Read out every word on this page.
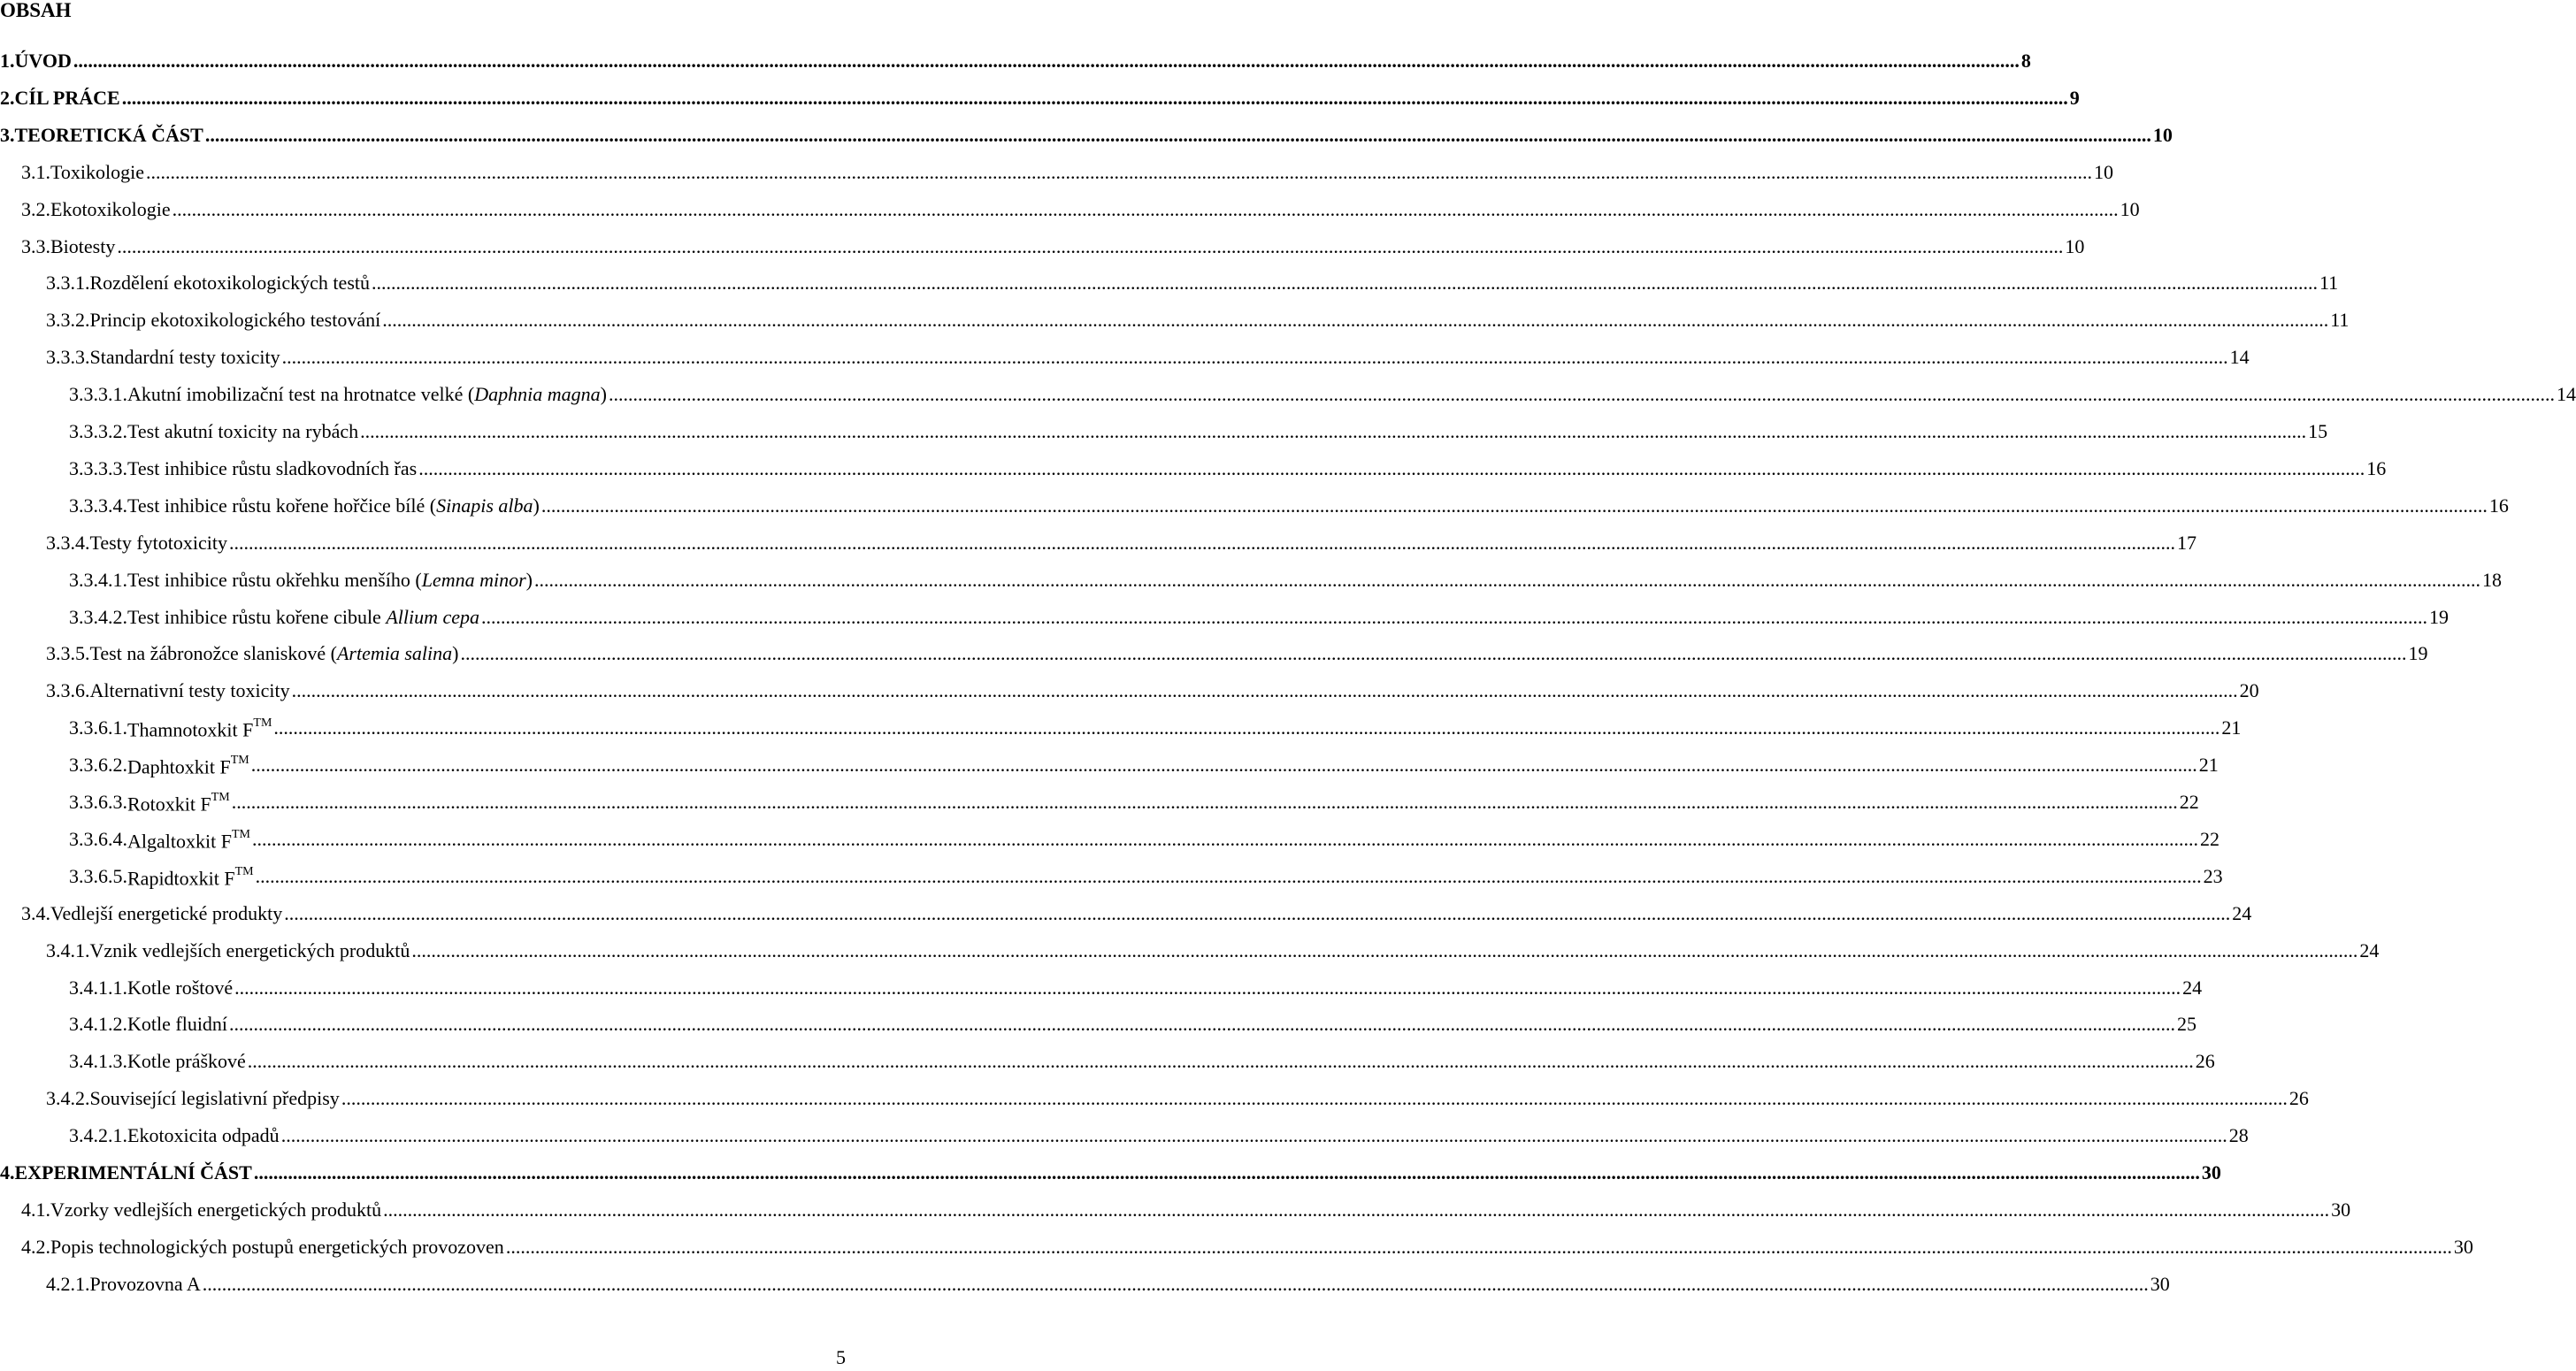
OBSAH
1. ÚVOD ................................................................................................................................................................................................................................................................................................................................................................................................................ 8
2. CÍL PRÁCE ................................................................................................................................................................................................................................................................................................................................................................................................................ 9
3. TEORETICKÁ ČÁST ................................................................................................................................................................................................................................................................................................................................................................................................................ 10
3.1. Toxikologie ................................................................................................................................................................................................................................................................................................................................................................................................................ 10
3.2. Ekotoxikologie ................................................................................................................................................................................................................................................................................................................................................................................................................ 10
3.3. Biotesty ................................................................................................................................................................................................................................................................................................................................................................................................................ 10
3.3.1. Rozdělení ekotoxikologických testů ................................................................................................................................................................................................................................................................................................................................................................................................................ 11
3.3.2. Princip ekotoxikologického testování ................................................................................................................................................................................................................................................................................................................................................................................................................ 11
3.3.3. Standardní testy toxicity ................................................................................................................................................................................................................................................................................................................................................................................................................ 14
3.3.3.1. Akutní imobilizační test na hrotnatce velké (Daphnia magna) ................................................................................................................................................................................................................................................................................................................................................................................................................ 14
3.3.3.2. Test akutní toxicity na rybách ................................................................................................................................................................................................................................................................................................................................................................................................................ 15
3.3.3.3. Test inhibice růstu sladkovodních řas ................................................................................................................................................................................................................................................................................................................................................................................................................ 16
3.3.3.4. Test inhibice růstu kořene hořčice bílé (Sinapis alba) ................................................................................................................................................................................................................................................................................................................................................................................................................ 16
3.3.4. Testy fytotoxicity ................................................................................................................................................................................................................................................................................................................................................................................................................ 17
3.3.4.1. Test inhibice růstu okřehku menšího (Lemna minor) ................................................................................................................................................................................................................................................................................................................................................................................................................ 18
3.3.4.2. Test inhibice růstu kořene cibule Allium cepa ................................................................................................................................................................................................................................................................................................................................................................................................................ 19
3.3.5. Test na žábronožce slaniskové (Artemia salina) ................................................................................................................................................................................................................................................................................................................................................................................................................ 19
3.3.6. Alternativní testy toxicity ................................................................................................................................................................................................................................................................................................................................................................................................................ 20
3.3.6.1. Thamnotoxkit F™ ................................................................................................................................................................................................................................................................................................................................................................................................................ 21
3.3.6.2. Daphtoxkit F™ ................................................................................................................................................................................................................................................................................................................................................................................................................ 21
3.3.6.3. Rotoxkit F™ ................................................................................................................................................................................................................................................................................................................................................................................................................ 22
3.3.6.4. Algaltoxkit F™ ................................................................................................................................................................................................................................................................................................................................................................................................................ 22
3.3.6.5. Rapidtoxkit F™ ................................................................................................................................................................................................................................................................................................................................................................................................................ 23
3.4. Vedlejší energetické produkty ................................................................................................................................................................................................................................................................................................................................................................................................................ 24
3.4.1. Vznik vedlejších energetických produktů ................................................................................................................................................................................................................................................................................................................................................................................................................ 24
3.4.1.1. Kotle roštové ................................................................................................................................................................................................................................................................................................................................................................................................................ 24
3.4.1.2. Kotle fluidní ................................................................................................................................................................................................................................................................................................................................................................................................................ 25
3.4.1.3. Kotle práškové ................................................................................................................................................................................................................................................................................................................................................................................................................ 26
3.4.2. Související legislativní předpisy ................................................................................................................................................................................................................................................................................................................................................................................................................ 26
3.4.2.1. Ekotoxicita odpadů ................................................................................................................................................................................................................................................................................................................................................................................................................ 28
4. EXPERIMENTÁLNÍ ČÁST ................................................................................................................................................................................................................................................................................................................................................................................................................ 30
4.1. Vzorky vedlejších energetických produktů ................................................................................................................................................................................................................................................................................................................................................................................................................ 30
4.2. Popis technologických postupů energetických provozoven ................................................................................................................................................................................................................................................................................................................................................................................................................ 30
4.2.1. Provozovna A ................................................................................................................................................................................................................................................................................................................................................................................................................ 30
5
